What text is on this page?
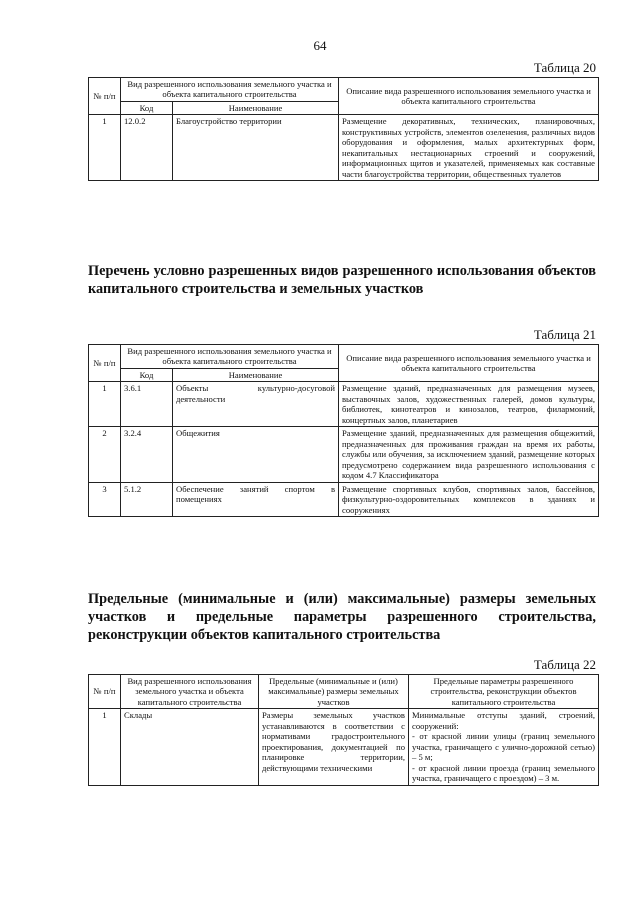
64
Таблица 20
№ п/п	Вид разрешенного использования земельного участка и объекта капитального строительства		Описание вида разрешенного использования земельного участка и объекта капитального строительства
	Код	Наименование	
1	12.0.2	Благоустройство территории	Размещение декоративных, технических, планировочных, конструктивных устройств, элементов озеленения, различных видов оборудования и оформления, малых архитектурных форм, некапитальных нестационарных строений и сооружений, информационных щитов и указателей, применяемых как составные части благоустройства территории, общественных туалетов
Перечень условно разрешенных видов разрешенного использования объектов капитального строительства и земельных участков
Таблица 21
№ п/п	Вид разрешенного использования земельного участка и объекта капитального строительства		Описание вида разрешенного использования земельного участка и объекта капитального строительства
	Код	Наименование	
1	3.6.1	Объекты культурно-досуговой деятельности	Размещение зданий, предназначенных для размещения музеев, выставочных залов, художественных галерей, домов культуры, библиотек, кинотеатров и кинозалов, театров, филармоний, концертных залов, планетариев
2	3.2.4	Общежития	Размещение зданий, предназначенных для размещения общежитий, предназначенных для проживания граждан на время их работы, службы или обучения, за исключением зданий, размещение которых предусмотрено содержанием вида разрешенного использования с кодом 4.7 Классификатора
3	5.1.2	Обеспечение занятий спортом в помещениях	Размещение спортивных клубов, спортивных залов, бассейнов, физкультурно-оздоровительных комплексов в зданиях и сооружениях
Предельные (минимальные и (или) максимальные) размеры земельных участков и предельные параметры разрешенного строительства, реконструкции объектов капитального строительства
Таблица 22
№ п/п	Вид разрешенного использования земельного участка и объекта капитального строительства	Предельные (минимальные и (или) максимальные) размеры земельных участков	Предельные параметры разрешенного строительства, реконструкции объектов капитального строительства
1	Склады	Размеры земельных участков устанавливаются в соответствии с нормативами градостроительного проектирования, документацией по планировке территории, действующими техническими	Минимальные отступы зданий, строений, сооружений:
- от красной линии улицы (границ земельного участка, граничащего с улично-дорожной сетью) – 5 м;
- от красной линии проезда (границ земельного участка, граничащего с проездом) – 3 м.
